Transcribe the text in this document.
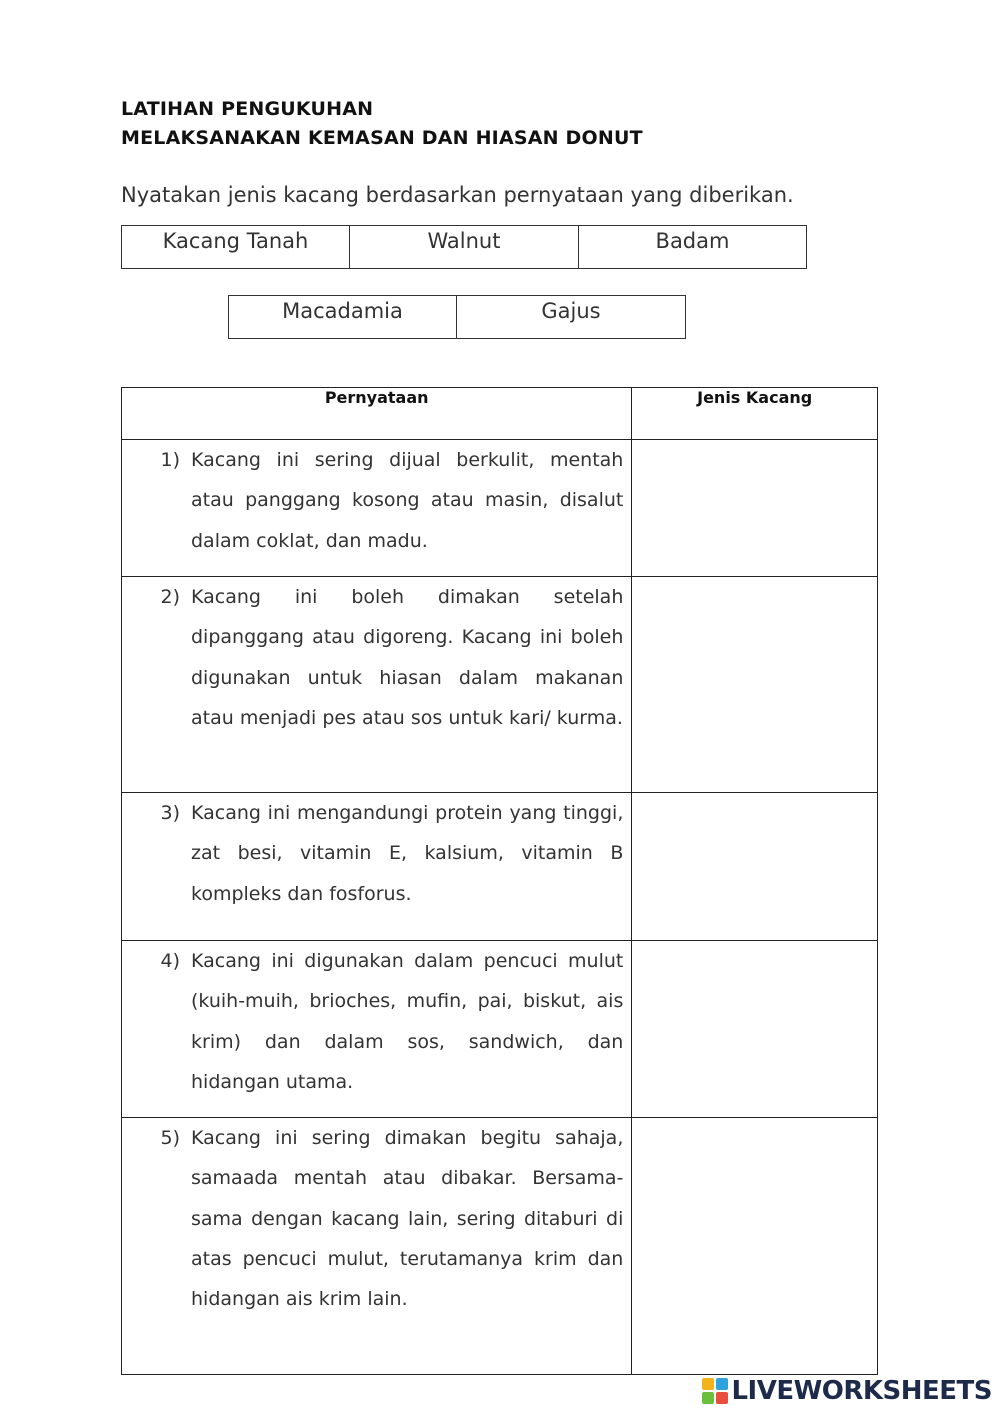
LATIHAN PENGUKUHAN
MELAKSANAKAN KEMASAN DAN HIASAN DONUT
Nyatakan jenis kacang berdasarkan pernyataan yang diberikan.
Kacang Tanah	Walnut	Badam
Macadamia	Gajus
Pernyataan	Jenis Kacang

1) Kacang ini sering dijual berkulit, mentah atau panggang kosong atau masin, disalut dalam coklat, dan madu.	

2) Kacang ini boleh dimakan setelah dipanggang atau digoreng. Kacang ini boleh digunakan untuk hiasan dalam makanan atau menjadi pes atau sos untuk kari/ kurma.	

3) Kacang ini mengandungi protein yang tinggi, zat besi, vitamin E, kalsium, vitamin B kompleks dan fosforus.	

4) Kacang ini digunakan dalam pencuci mulut (kuih-muih, brioches, mufin, pai, biskut, ais krim) dan dalam sos, sandwich, dan hidangan utama.	

5) Kacang ini sering dimakan begitu sahaja, samaada mentah atau dibakar. Bersama-sama dengan kacang lain, sering ditaburi di atas pencuci mulut, terutamanya krim dan hidangan ais krim lain.	

LIVEWORKSHEETS
